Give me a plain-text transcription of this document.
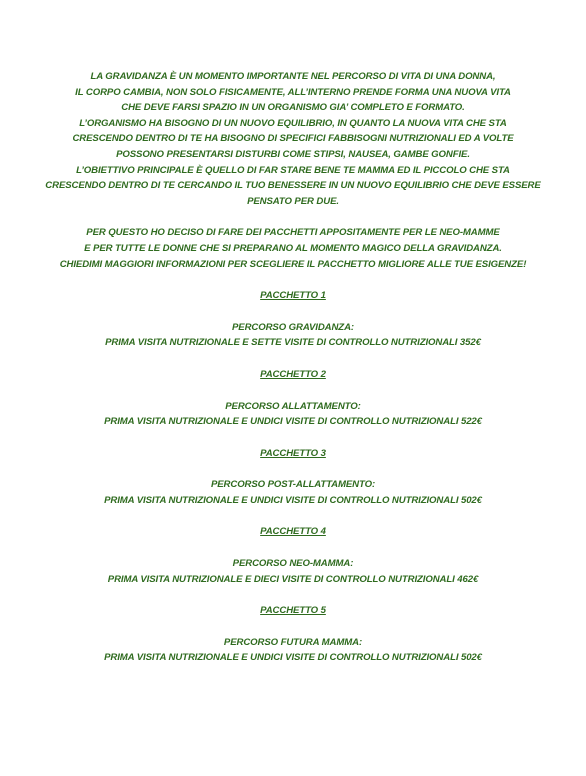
LA GRAVIDANZA È UN MOMENTO IMPORTANTE NEL PERCORSO DI VITA DI UNA DONNA,
IL CORPO CAMBIA, NON SOLO FISICAMENTE, ALL’INTERNO PRENDE FORMA UNA NUOVA VITA
CHE DEVE FARSI SPAZIO IN UN ORGANISMO GIA’ COMPLETO E FORMATO.
L’ORGANISMO HA BISOGNO DI UN NUOVO EQUILIBRIO, IN QUANTO LA NUOVA VITA CHE STA
CRESCENDO DENTRO DI TE HA BISOGNO DI SPECIFICI FABBISOGNI NUTRIZIONALI ED A VOLTE
POSSONO PRESENTARSI DISTURBI COME STIPSI, NAUSEA, GAMBE GONFIE.
L’OBIETTIVO PRINCIPALE È QUELLO DI FAR STARE BENE TE MAMMA ED IL PICCOLO CHE STA
CRESCENDO DENTRO DI TE CERCANDO IL TUO BENESSERE IN UN NUOVO EQUILIBRIO CHE DEVE ESSERE
PENSATO PER DUE.
PER QUESTO HO DECISO DI FARE DEI PACCHETTI APPOSITAMENTE PER LE NEO-MAMME
E PER TUTTE LE DONNE CHE SI PREPARANO AL MOMENTO MAGICO DELLA GRAVIDANZA.
CHIEDIMI MAGGIORI INFORMAZIONI PER SCEGLIERE IL PACCHETTO MIGLIORE ALLE TUE ESIGENZE!
PACCHETTO 1
PERCORSO GRAVIDANZA:
PRIMA VISITA NUTRIZIONALE E SETTE VISITE DI CONTROLLO NUTRIZIONALI 352€
PACCHETTO 2
PERCORSO ALLATTAMENTO:
PRIMA VISITA NUTRIZIONALE E UNDICI VISITE DI CONTROLLO NUTRIZIONALI 522€
PACCHETTO 3
PERCORSO POST-ALLATTAMENTO:
PRIMA VISITA NUTRIZIONALE E UNDICI VISITE DI CONTROLLO NUTRIZIONALI 502€
PACCHETTO 4
PERCORSO NEO-MAMMA:
PRIMA VISITA NUTRIZIONALE E DIECI VISITE DI CONTROLLO NUTRIZIONALI 462€
PACCHETTO 5
PERCORSO FUTURA MAMMA:
PRIMA VISITA NUTRIZIONALE E UNDICI VISITE DI CONTROLLO NUTRIZIONALI 502€
